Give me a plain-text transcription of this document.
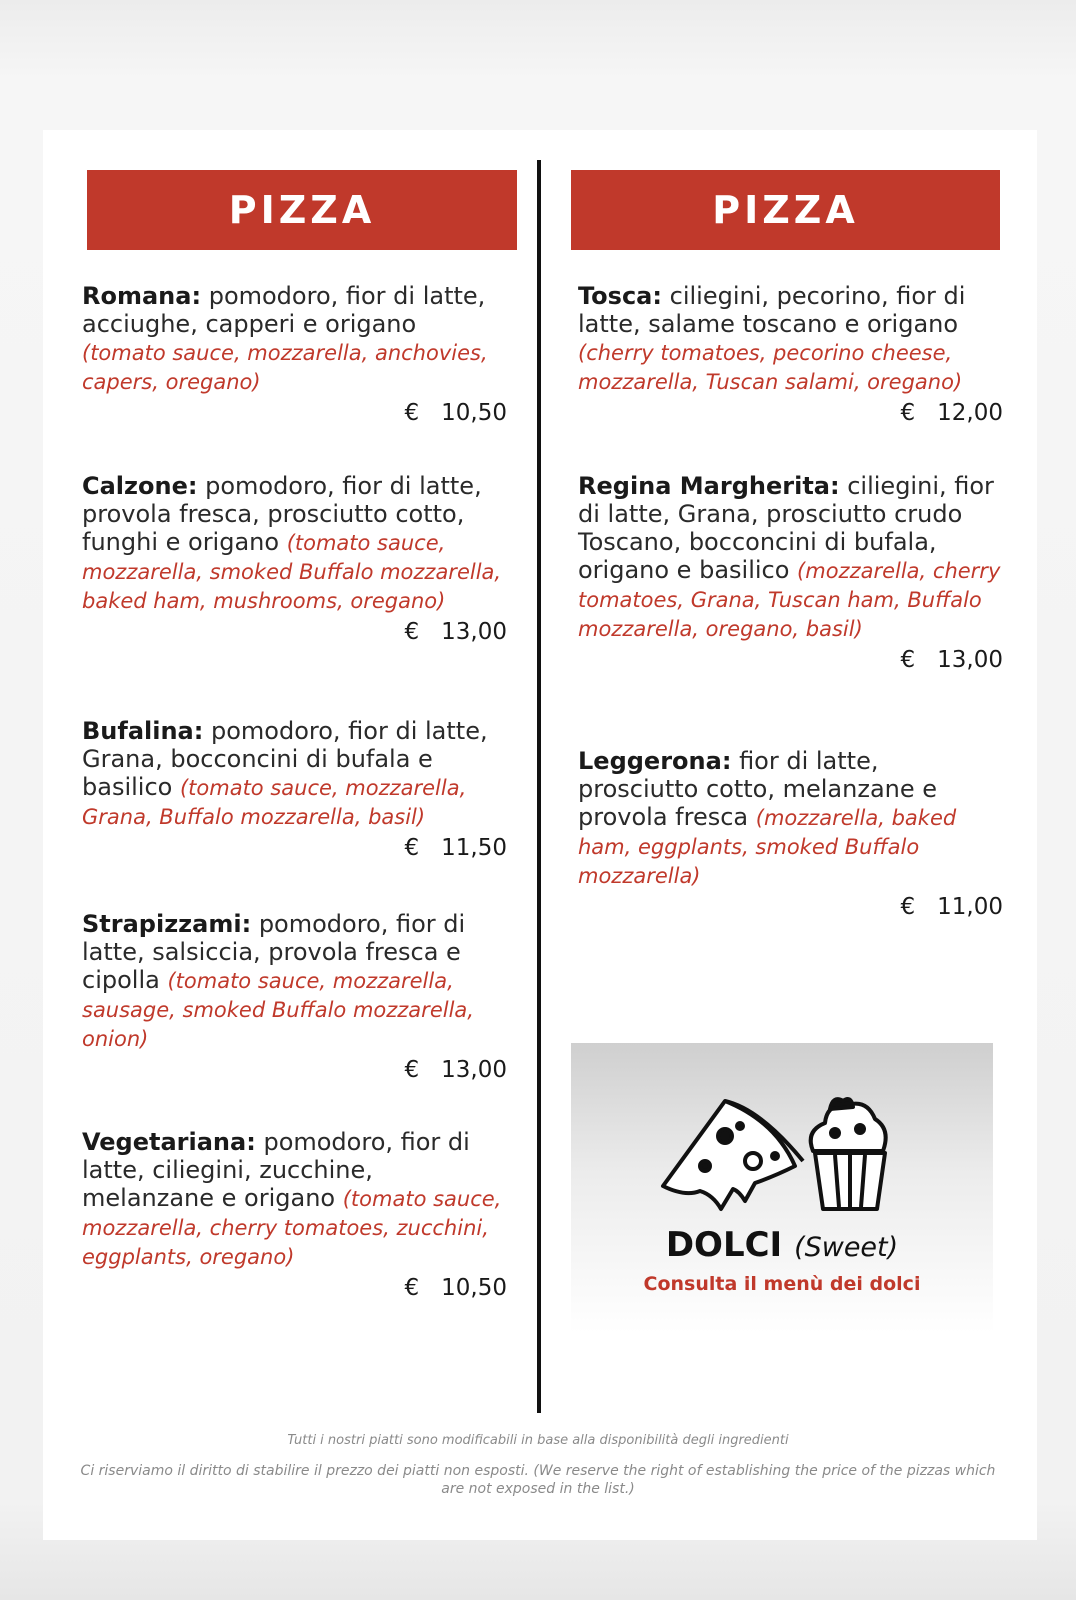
PIZZA	PIZZA

Romana: pomodoro, fior di latte, acciughe, capperi e origano (tomato sauce, mozzarella, anchovies, capers, oregano)

€ 10,50

Calzone: pomodoro, fior di latte, provola fresca, prosciutto cotto, funghi e origano (tomato sauce, mozzarella, smoked Buffalo mozzarella, baked ham, mushrooms, oregano)

€ 13,00

Bufalina: pomodoro, fior di latte, Grana, bocconcini di bufala e basilico (tomato sauce, mozzarella, Grana, Buffalo mozzarella, basil)

€ 11,50

Strapizzami: pomodoro, fior di latte, salsiccia, provola fresca e cipolla (tomato sauce, mozzarella, sausage, smoked Buffalo mozzarella, onion)

€ 13,00

Vegetariana: pomodoro, fior di latte, ciliegini, zucchine, melanzane e origano (tomato sauce, mozzarella, cherry tomatoes, zucchini, eggplants, oregano)

€ 10,50

Tosca: ciliegini, pecorino, fior di latte, salame toscano e origano (cherry tomatoes, pecorino cheese, mozzarella, Tuscan salami, oregano)

€ 12,00

Regina Margherita: ciliegini, fior di latte, Grana, prosciutto crudo Toscano, bocconcini di bufala, origano e basilico (mozzarella, cherry tomatoes, Grana, Tuscan ham, Buffalo mozzarella, oregano, basil)

€ 13,00

Leggerona: fior di latte, prosciutto cotto, melanzane e provola fresca (mozzarella, baked ham, eggplants, smoked Buffalo mozzarella)

€ 11,00
DOLCI (Sweet)
Consulta il menù dei dolci
Tutti i nostri piatti sono modificabili in base alla disponibilità degli ingredienti
Ci riserviamo il diritto di stabilire il prezzo dei piatti non esposti. (We reserve the right of establishing the price of the pizzas which are not exposed in the list.)
